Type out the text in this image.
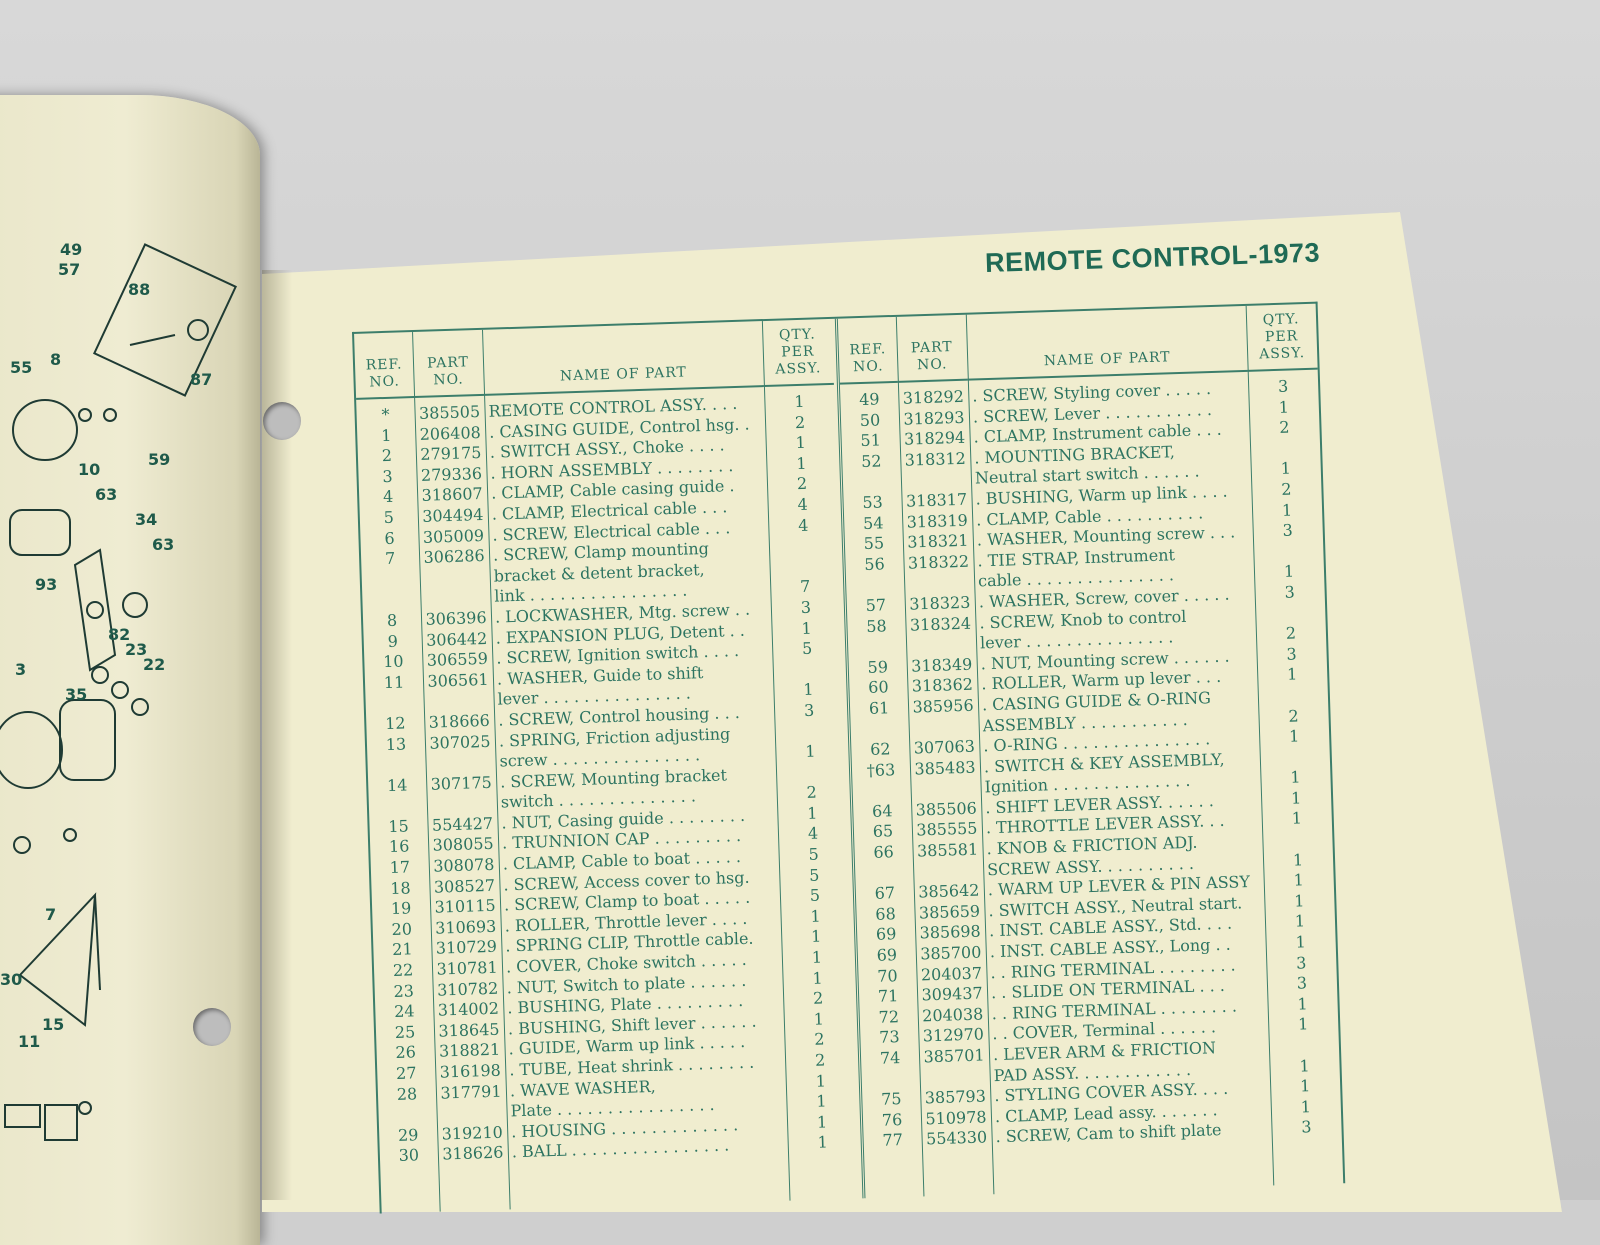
49
57
88
87
55 8
59
10
63
34
63
93
82
23
22
3
35
7
30
15
11
REMOTE CONTROL-1973
REF.
NO.
PART
NO.	NAME OF PART
QTY.
PER
ASSY.
*	385505 REMOTE CONTROL ASSY. . . .	1
1	206408 . CASING GUIDE, Control hsg. .	2
2	279175 . SWITCH ASSY., Choke . . . .	1
3	279336 . HORN ASSEMBLY . . . . . . . .	1
4	318607 . CLAMP, Cable casing guide .	2
5	304494 . CLAMP, Electrical cable . . .	4
6	305009 . SCREW, Electrical cable . . .	4
7	306286 . SCREW, Clamp mounting
bracket & detent bracket,
link . . . . . . . . . . . . . . . .	7
8	306396 . LOCKWASHER, Mtg. screw . .	3
9	306442 . EXPANSION PLUG, Detent . .	1
10	306559 . SCREW, Ignition switch . . . .	5
11	306561 . WASHER, Guide to shift
lever . . . . . . . . . . . . . . .	1
12	318666 . SCREW, Control housing . . .	3
13	307025 . SPRING, Friction adjusting
screw . . . . . . . . . . . . . . .	1
14	307175 . SCREW, Mounting bracket
switch . . . . . . . . . . . . . .	2
15	554427 . NUT, Casing guide . . . . . . . .	1
16	308055 . TRUNNION CAP . . . . . . . . .	4
17	308078 . CLAMP, Cable to boat . . . . .	5
18	308527 . SCREW, Access cover to hsg.	5
19	310115 . SCREW, Clamp to boat . . . . .	5
20	310693 . ROLLER, Throttle lever . . . .	1
21	310729 . SPRING CLIP, Throttle cable.	1
22	310781 . COVER, Choke switch . . . . .	1
23	310782 . NUT, Switch to plate . . . . . .	1
24	314002 . BUSHING, Plate . . . . . . . . .	2
25	318645 . BUSHING, Shift lever . . . . . .	1
26	318821 . GUIDE, Warm up link . . . . .	2
27	316198 . TUBE, Heat shrink . . . . . . . .	2
28	317791 . WAVE WASHER,	1
Plate . . . . . . . . . . . . . . . .	1
29	319210 . HOUSING . . . . . . . . . . . . .	1
30	318626 . BALL . . . . . . . . . . . . . . . .	1
REF.
NO.
PART
NO.	NAME OF PART
QTY.
PER
ASSY.
49	318292 . SCREW, Styling cover . . . . .	3
50	318293 . SCREW, Lever . . . . . . . . . . .	1
51	318294 . CLAMP, Instrument cable . . .	2
52	318312 . MOUNTING BRACKET,
Neutral start switch . . . . . .	1
53	318317 . BUSHING, Warm up link . . . .	2
54	318319 . CLAMP, Cable . . . . . . . . . .	1
55	318321 . WASHER, Mounting screw . . .	3
56	318322 . TIE STRAP, Instrument
cable . . . . . . . . . . . . . . .	1
57	318323 . WASHER, Screw, cover . . . . .	3
58	318324 . SCREW, Knob to control
lever . . . . . . . . . . . . . . .	2
59	318349 . NUT, Mounting screw . . . . . .	3
60	318362 . ROLLER, Warm up lever . . .	1
61	385956 . CASING GUIDE & O-RING
ASSEMBLY . . . . . . . . . . .	2
62	307063 . O-RING . . . . . . . . . . . . . . .	1
†63	385483 . SWITCH & KEY ASSEMBLY,
Ignition . . . . . . . . . . . . . .	1
64	385506 . SHIFT LEVER ASSY. . . . . .	1
65	385555 . THROTTLE LEVER ASSY. . .	1
66	385581 . KNOB & FRICTION ADJ.
SCREW ASSY. . . . . . . . . .	1
67	385642 . WARM UP LEVER & PIN ASSY	1
68	385659 . SWITCH ASSY., Neutral start.	1
69	385698 . INST. CABLE ASSY., Std. . . .	1
69	385700 . INST. CABLE ASSY., Long . .	1
70	204037 . . RING TERMINAL . . . . . . . .	3
71	309437 . . SLIDE ON TERMINAL . . .	3
72	204038 . . RING TERMINAL . . . . . . . .	1
73	312970 . . COVER, Terminal . . . . . .	1
74	385701 . LEVER ARM & FRICTION
PAD ASSY. . . . . . . . . . . .	1
75	385793 . STYLING COVER ASSY. . . .	1
76	510978 . CLAMP, Lead assy. . . . . . .	1
77	554330 . SCREW, Cam to shift plate	3
